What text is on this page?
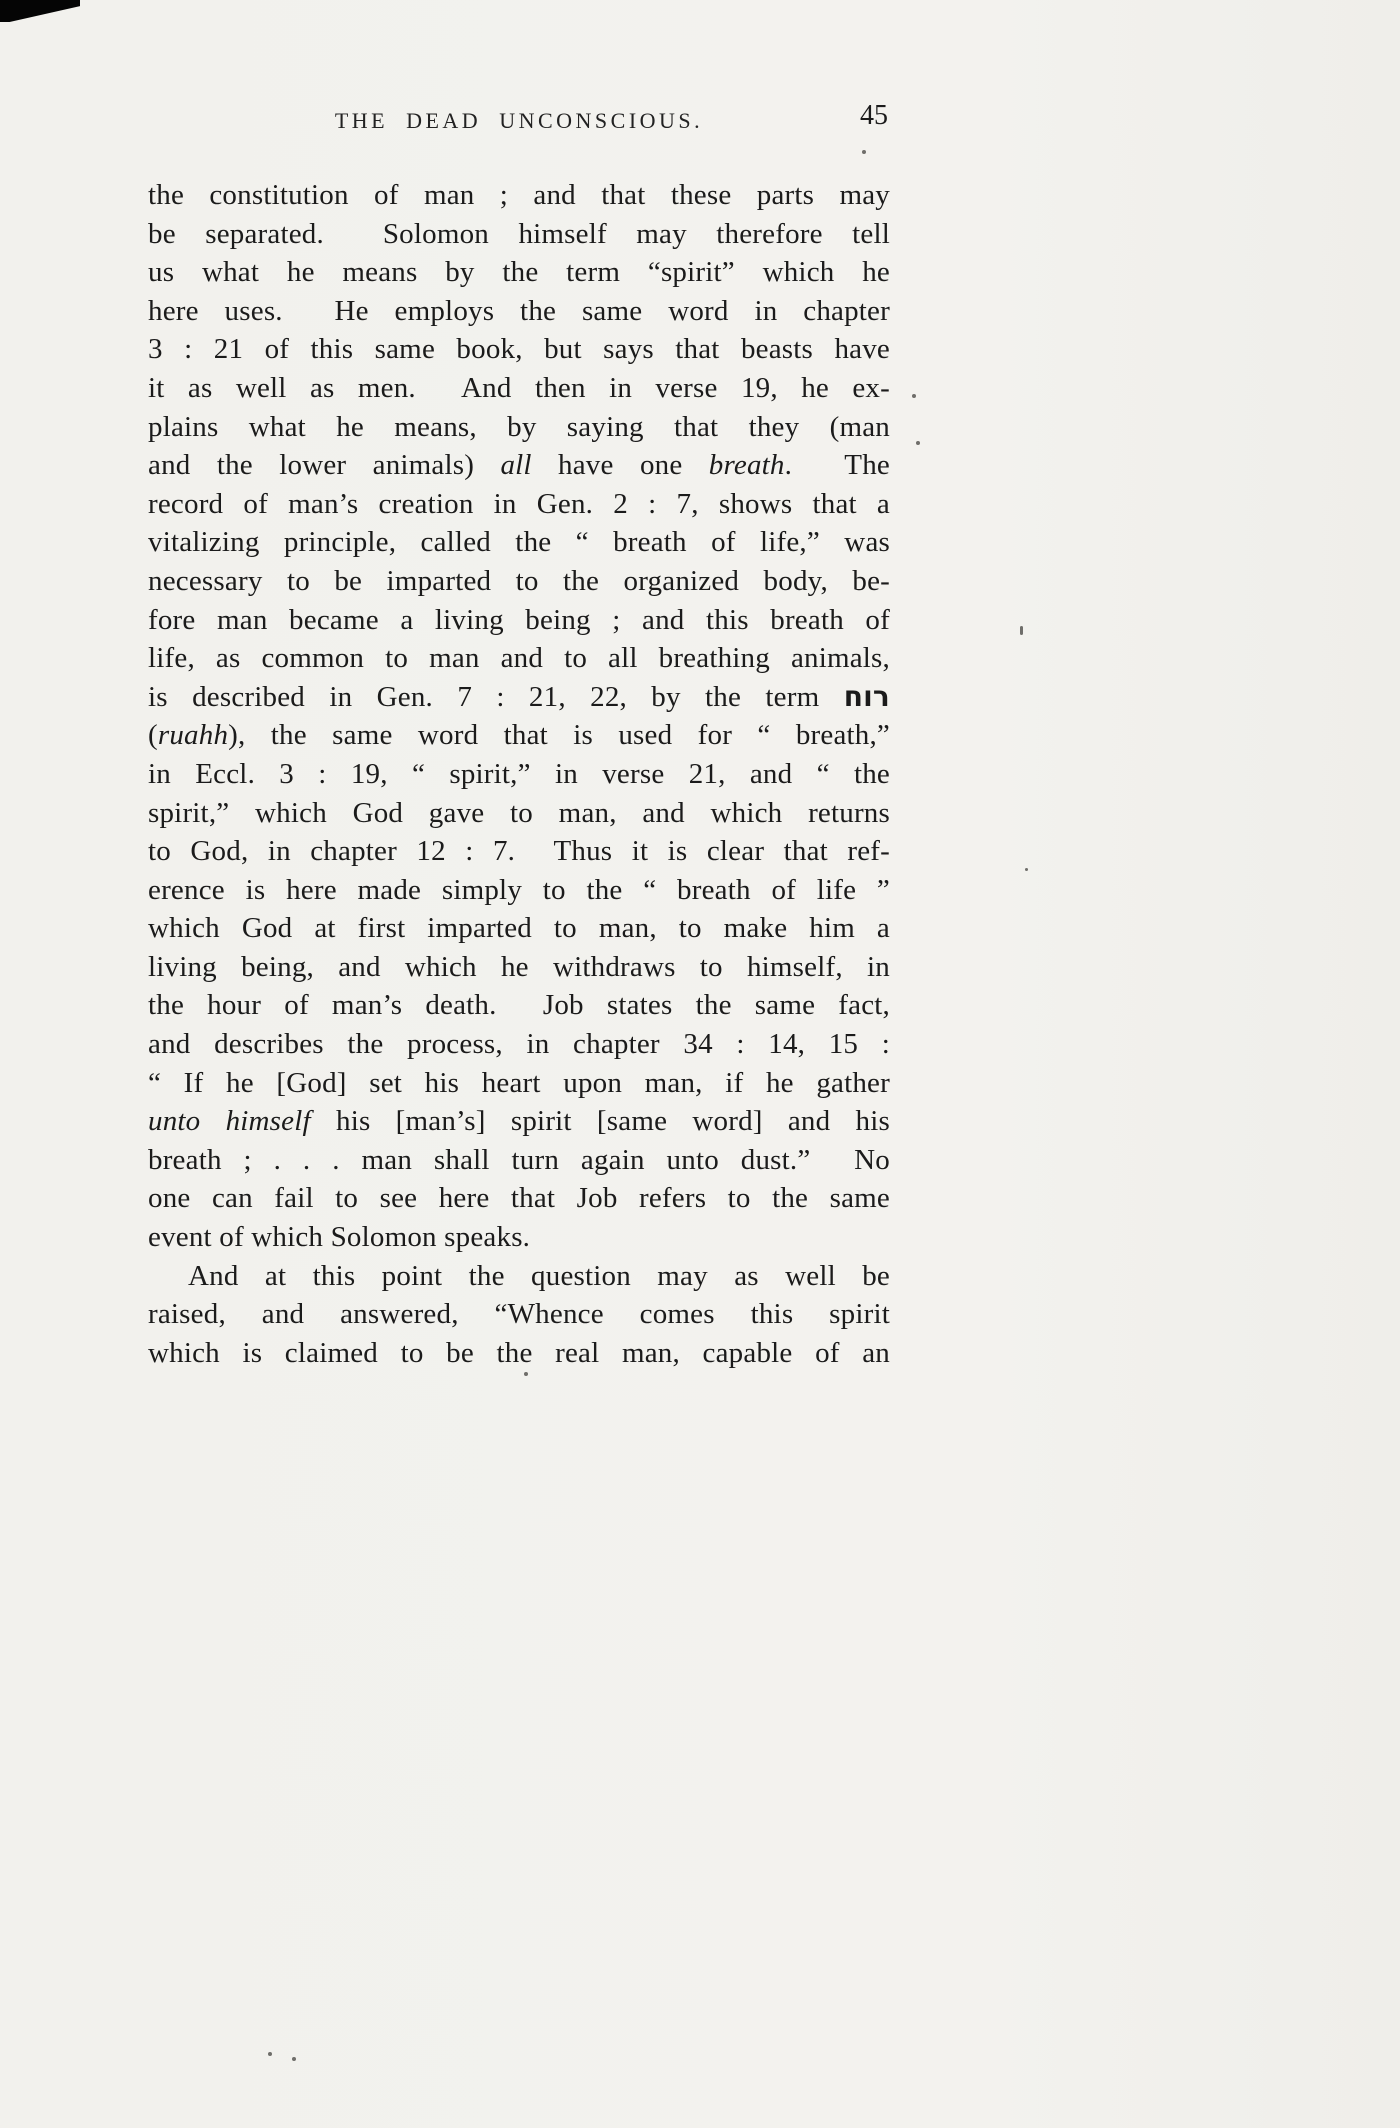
THE DEAD UNCONSCIOUS.	45
the constitution of man ; and that these parts may
be separated.  Solomon himself may therefore tell
us what he means by the term “spirit” which he
here uses.  He employs the same word in chapter
3 : 21 of this same book, but says that beasts have
it as well as men.  And then in verse 19, he ex-
plains what he means, by saying that they (man
and the lower animals) all have one breath.  The
record of man’s creation in Gen. 2 : 7, shows that a
vitalizing principle, called the “ breath of life,” was
necessary to be imparted to the organized body, be-
fore man became a living being ; and this breath of
life, as common to man and to all breathing animals,
is described in Gen. 7 : 21, 22, by the term רוח
(ruahh), the same word that is used for “ breath,”
in Eccl. 3 : 19, “ spirit,” in verse 21, and “ the
spirit,” which God gave to man, and which returns
to God, in chapter 12 : 7.  Thus it is clear that ref-
erence is here made simply to the “ breath of life ”
which God at first imparted to man, to make him a
living being, and which he withdraws to himself, in
the hour of man’s death.  Job states the same fact,
and describes the process, in chapter 34 : 14, 15 :
“ If he [God] set his heart upon man, if he gather
unto himself his [man’s] spirit [same word] and his
breath ; . . . man shall turn again unto dust.”  No
one can fail to see here that Job refers to the same
event of which Solomon speaks.
And at this point the question may as well be
raised, and answered, “Whence comes this spirit
which is claimed to be the real man, capable of an
